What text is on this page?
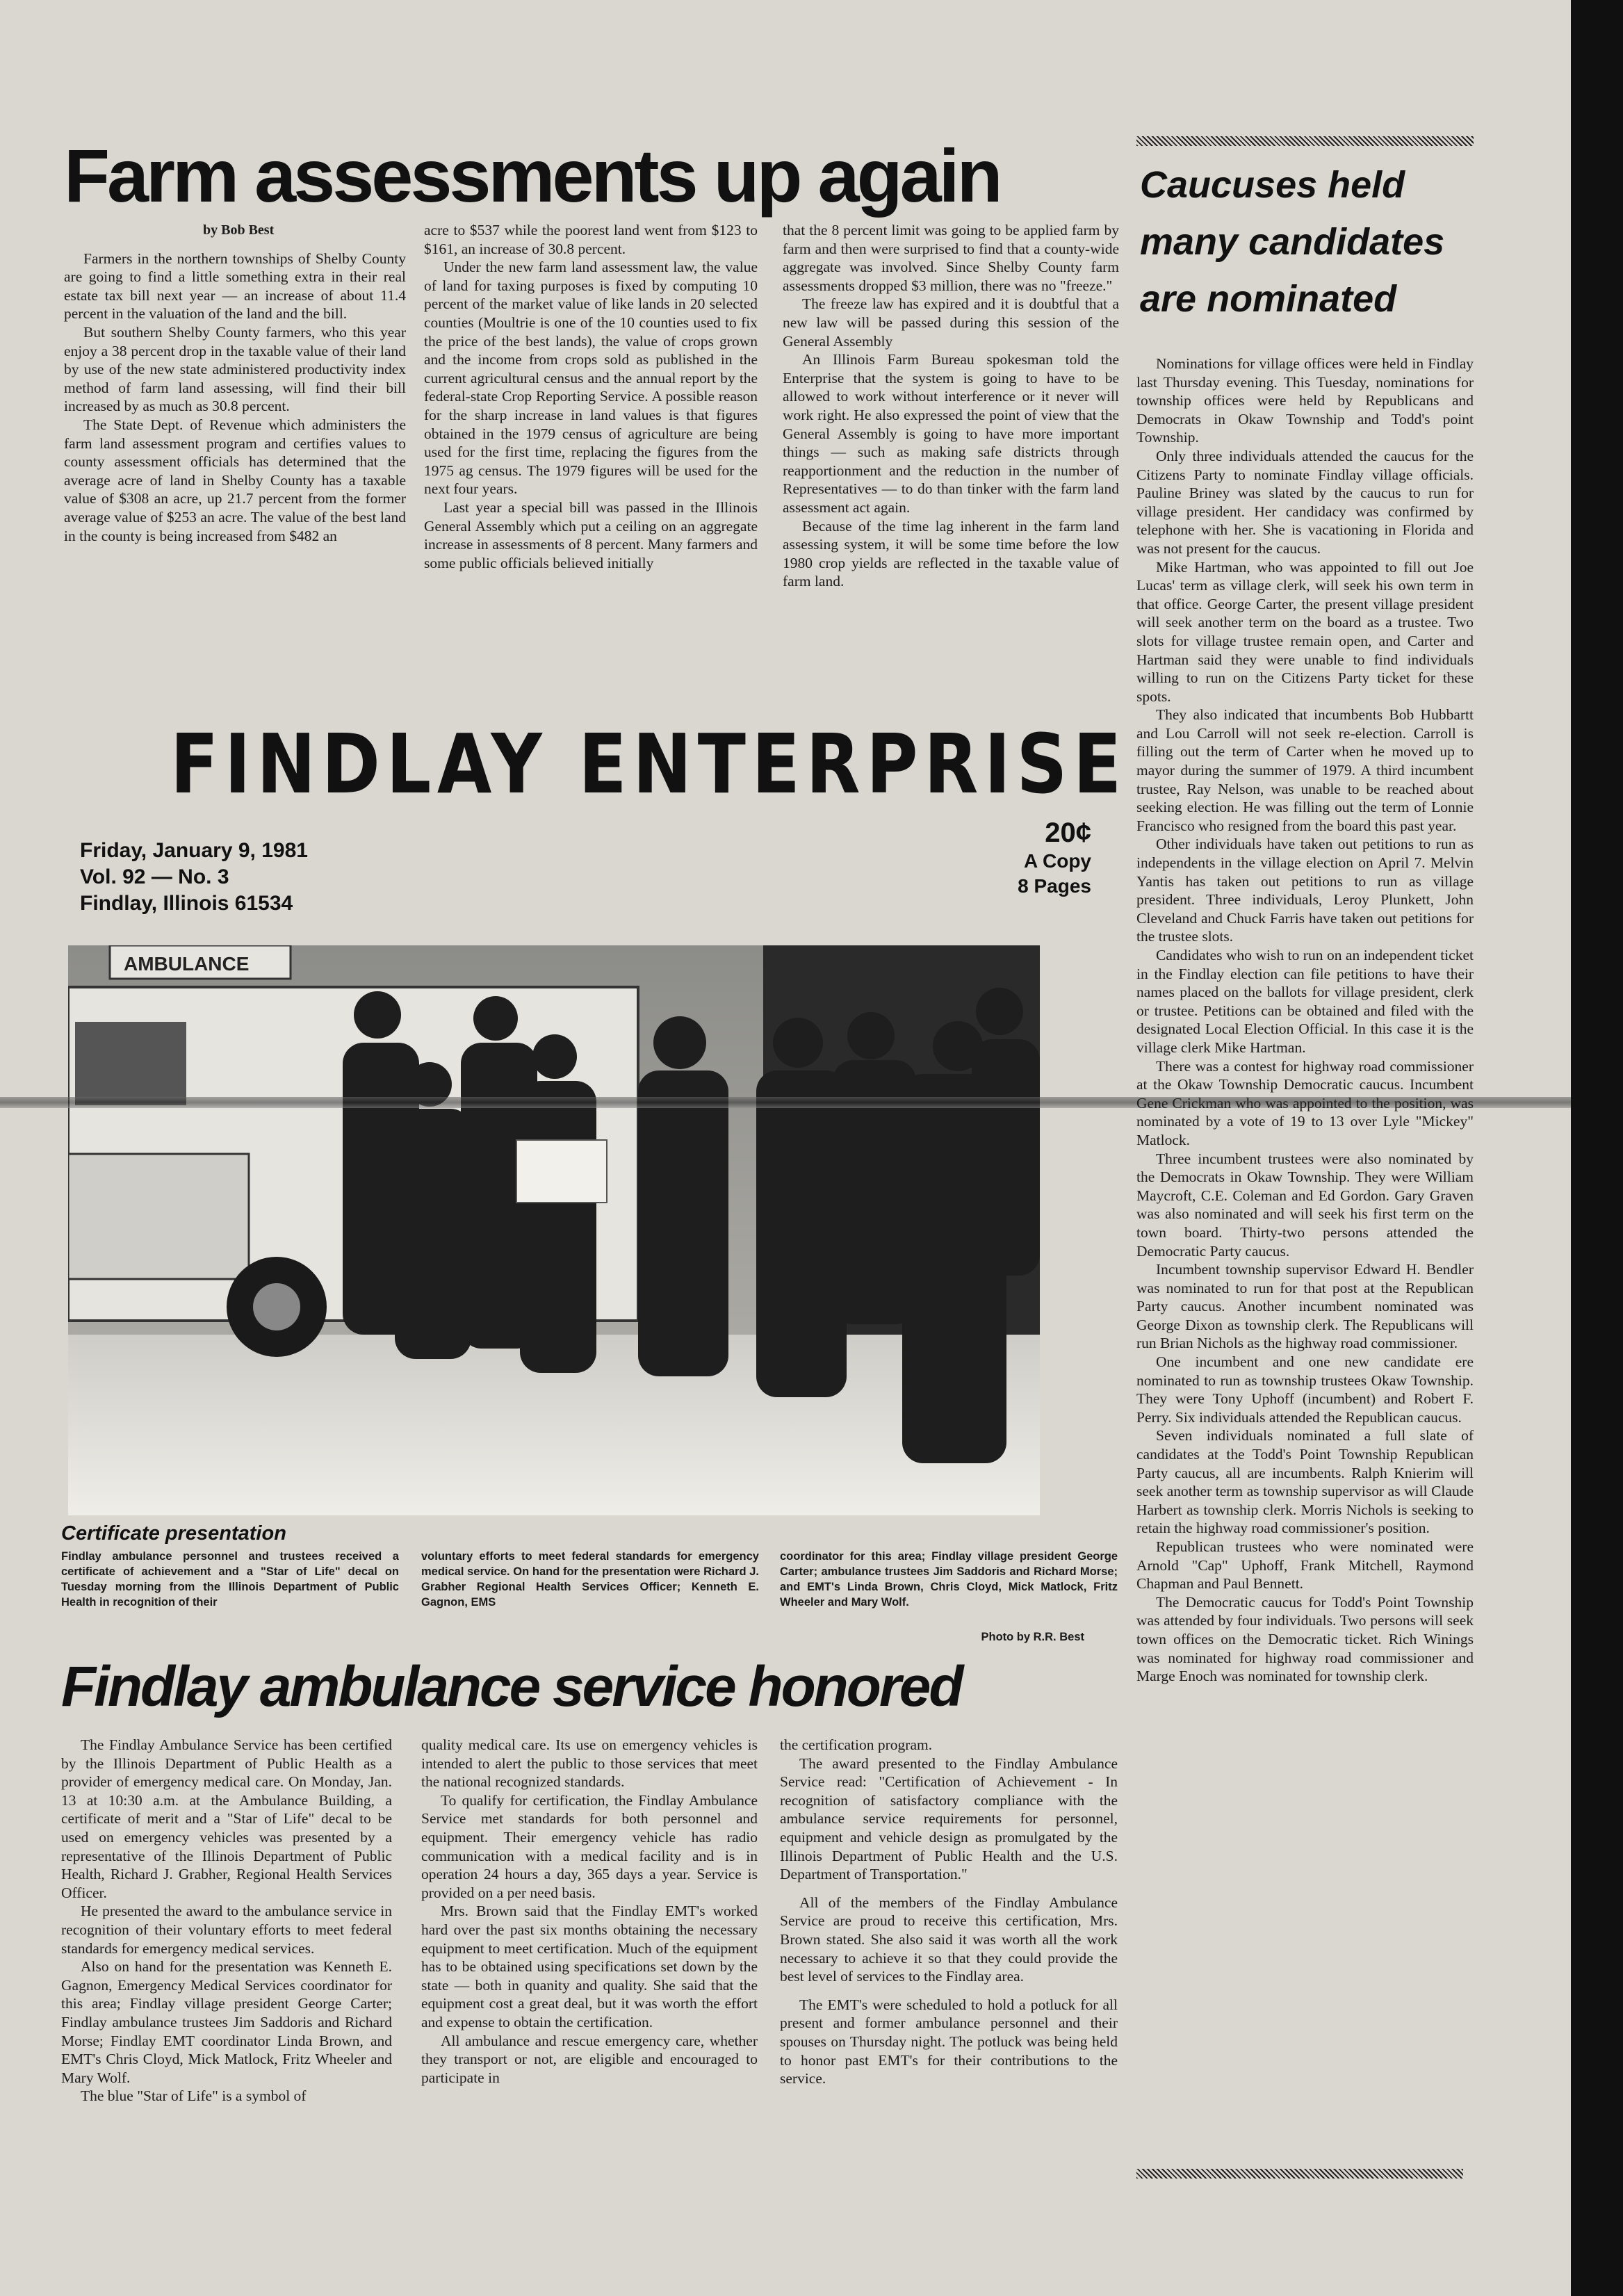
Farm assessments up again

by Bob Best

Farmers in the northern townships of Shelby County are going to find a little something extra in their real estate tax bill next year — an increase of about 11.4 percent in the valuation of the land and the bill.

But southern Shelby County farmers, who this year enjoy a 38 percent drop in the taxable value of their land by use of the new state administered productivity index method of farm land assessing, will find their bill increased by as much as 30.8 percent.

The State Dept. of Revenue which administers the farm land assessment program and certifies values to county assessment officials has determined that the average acre of land in Shelby County has a taxable value of $308 an acre, up 21.7 percent from the former average value of $253 an acre. The value of the best land in the county is being increased from $482 an

acre to $537 while the poorest land went from $123 to $161, an increase of 30.8 percent.

Under the new farm land assessment law, the value of land for taxing purposes is fixed by computing 10 percent of the market value of like lands in 20 selected counties (Moultrie is one of the 10 counties used to fix the price of the best lands), the value of crops grown and the income from crops sold as published in the current agricultural census and the annual report by the federal-state Crop Reporting Service. A possible reason for the sharp increase in land values is that figures obtained in the 1979 census of agriculture are being used for the first time, replacing the figures from the 1975 ag census. The 1979 figures will be used for the next four years.

Last year a special bill was passed in the Illinois General Assembly which put a ceiling on an aggregate increase in assessments of 8 percent. Many farmers and some public officials believed initially

that the 8 percent limit was going to be applied farm by farm and then were surprised to find that a county-wide aggregate was involved. Since Shelby County farm assessments dropped $3 million, there was no "freeze."

The freeze law has expired and it is doubtful that a new law will be passed during this session of the General Assembly

An Illinois Farm Bureau spokesman told the Enterprise that the system is going to have to be allowed to work without interference or it never will work right. He also expressed the point of view that the General Assembly is going to have more important things — such as making safe districts through reapportionment and the reduction in the number of Representatives — to do than tinker with the farm land assessment act again.

Because of the time lag inherent in the farm land assessing system, it will be some time before the low 1980 crop yields are reflected in the taxable value of farm land.

FINDLAY ENTERPRISE
Friday, January 9, 1981
Vol. 92 — No. 3
Findlay, Illinois 61534
20¢
A Copy
8 Pages
AMBULANCE
Certificate presentation
Findlay ambulance personnel and trustees received a certificate of achievement and a "Star of Life" decal on Tuesday morning from the Illinois Department of Public Health in recognition of their
voluntary efforts to meet federal standards for emergency medical service. On hand for the presentation were Richard J. Grabher Regional Health Services Officer; Kenneth E. Gagnon, EMS
coordinator for this area; Findlay village president George Carter; ambulance trustees Jim Saddoris and Richard Morse; and EMT's Linda Brown, Chris Cloyd, Mick Matlock, Fritz Wheeler and Mary Wolf.
Photo by R.R. Best
Findlay ambulance service honored

The Findlay Ambulance Service has been certified by the Illinois Department of Public Health as a provider of emergency medical care. On Monday, Jan. 13 at 10:30 a.m. at the Ambulance Building, a certificate of merit and a "Star of Life" decal to be used on emergency vehicles was presented by a representative of the Illinois Department of Public Health, Richard J. Grabher, Regional Health Services Officer.

He presented the award to the ambulance service in recognition of their voluntary efforts to meet federal standards for emergency medical services.

Also on hand for the presentation was Kenneth E. Gagnon, Emergency Medical Services coordinator for this area; Findlay village president George Carter; Findlay ambulance trustees Jim Saddoris and Richard Morse; Findlay EMT coordinator Linda Brown, and EMT's Chris Cloyd, Mick Matlock, Fritz Wheeler and Mary Wolf.

The blue "Star of Life" is a symbol of

quality medical care. Its use on emergency vehicles is intended to alert the public to those services that meet the national recognized standards.

To qualify for certification, the Findlay Ambulance Service met standards for both personnel and equipment. Their emergency vehicle has radio communication with a medical facility and is in operation 24 hours a day, 365 days a year. Service is provided on a per need basis.

Mrs. Brown said that the Findlay EMT's worked hard over the past six months obtaining the necessary equipment to meet certification. Much of the equipment has to be obtained using specifications set down by the state — both in quanity and quality. She said that the equipment cost a great deal, but it was worth the effort and expense to obtain the certification.

All ambulance and rescue emergency care, whether they transport or not, are eligible and encouraged to participate in

the certification program.

The award presented to the Findlay Ambulance Service read: "Certification of Achievement - In recognition of satisfactory compliance with the ambulance service requirements for personnel, equipment and vehicle design as promulgated by the Illinois Department of Public Health and the U.S. Department of Transportation."

All of the members of the Findlay Ambulance Service are proud to receive this certification, Mrs. Brown stated. She also said it was worth all the work necessary to achieve it so that they could provide the best level of services to the Findlay area.

The EMT's were scheduled to hold a potluck for all present and former ambulance personnel and their spouses on Thursday night. The potluck was being held to honor past EMT's for their contributions to the service.

Caucuses held many candidates are nominated

Nominations for village offices were held in Findlay last Thursday evening. This Tuesday, nominations for township offices were held by Republicans and Democrats in Okaw Township and Todd's point Township.

Only three individuals attended the caucus for the Citizens Party to nominate Findlay village officials. Pauline Briney was slated by the caucus to run for village president. Her candidacy was confirmed by telephone with her. She is vacationing in Florida and was not present for the caucus.

Mike Hartman, who was appointed to fill out Joe Lucas' term as village clerk, will seek his own term in that office. George Carter, the present village president will seek another term on the board as a trustee. Two slots for village trustee remain open, and Carter and Hartman said they were unable to find individuals willing to run on the Citizens Party ticket for these spots.

They also indicated that incumbents Bob Hubbartt and Lou Carroll will not seek re-election. Carroll is filling out the term of Carter when he moved up to mayor during the summer of 1979. A third incumbent trustee, Ray Nelson, was unable to be reached about seeking election. He was filling out the term of Lonnie Francisco who resigned from the board this past year.

Other individuals have taken out petitions to run as independents in the village election on April 7. Melvin Yantis has taken out petitions to run as village president. Three individuals, Leroy Plunkett, John Cleveland and Chuck Farris have taken out petitions for the trustee slots.

Candidates who wish to run on an independent ticket in the Findlay election can file petitions to have their names placed on the ballots for village president, clerk or trustee. Petitions can be obtained and filed with the designated Local Election Official. In this case it is the village clerk Mike Hartman.

There was a contest for highway road commissioner at the Okaw Township Democratic caucus. Incumbent Gene Crickman who was appointed to the position, was nominated by a vote of 19 to 13 over Lyle "Mickey" Matlock.

Three incumbent trustees were also nominated by the Democrats in Okaw Township. They were William Maycroft, C.E. Coleman and Ed Gordon. Gary Graven was also nominated and will seek his first term on the town board. Thirty-two persons attended the Democratic Party caucus.

Incumbent township supervisor Edward H. Bendler was nominated to run for that post at the Republican Party caucus. Another incumbent nominated was George Dixon as township clerk. The Republicans will run Brian Nichols as the highway road commissioner.

One incumbent and one new candidate ere nominated to run as township trustees Okaw Township. They were Tony Uphoff (incumbent) and Robert F. Perry. Six individuals attended the Republican caucus.

Seven individuals nominated a full slate of candidates at the Todd's Point Township Republican Party caucus, all are incumbents. Ralph Knierim will seek another term as township supervisor as will Claude Harbert as township clerk. Morris Nichols is seeking to retain the highway road commissioner's position.

Republican trustees who were nominated were Arnold "Cap" Uphoff, Frank Mitchell, Raymond Chapman and Paul Bennett.

The Democratic caucus for Todd's Point Township was attended by four individuals. Two persons will seek town offices on the Democratic ticket. Rich Winings was nominated for highway road commissioner and Marge Enoch was nominated for township clerk.
